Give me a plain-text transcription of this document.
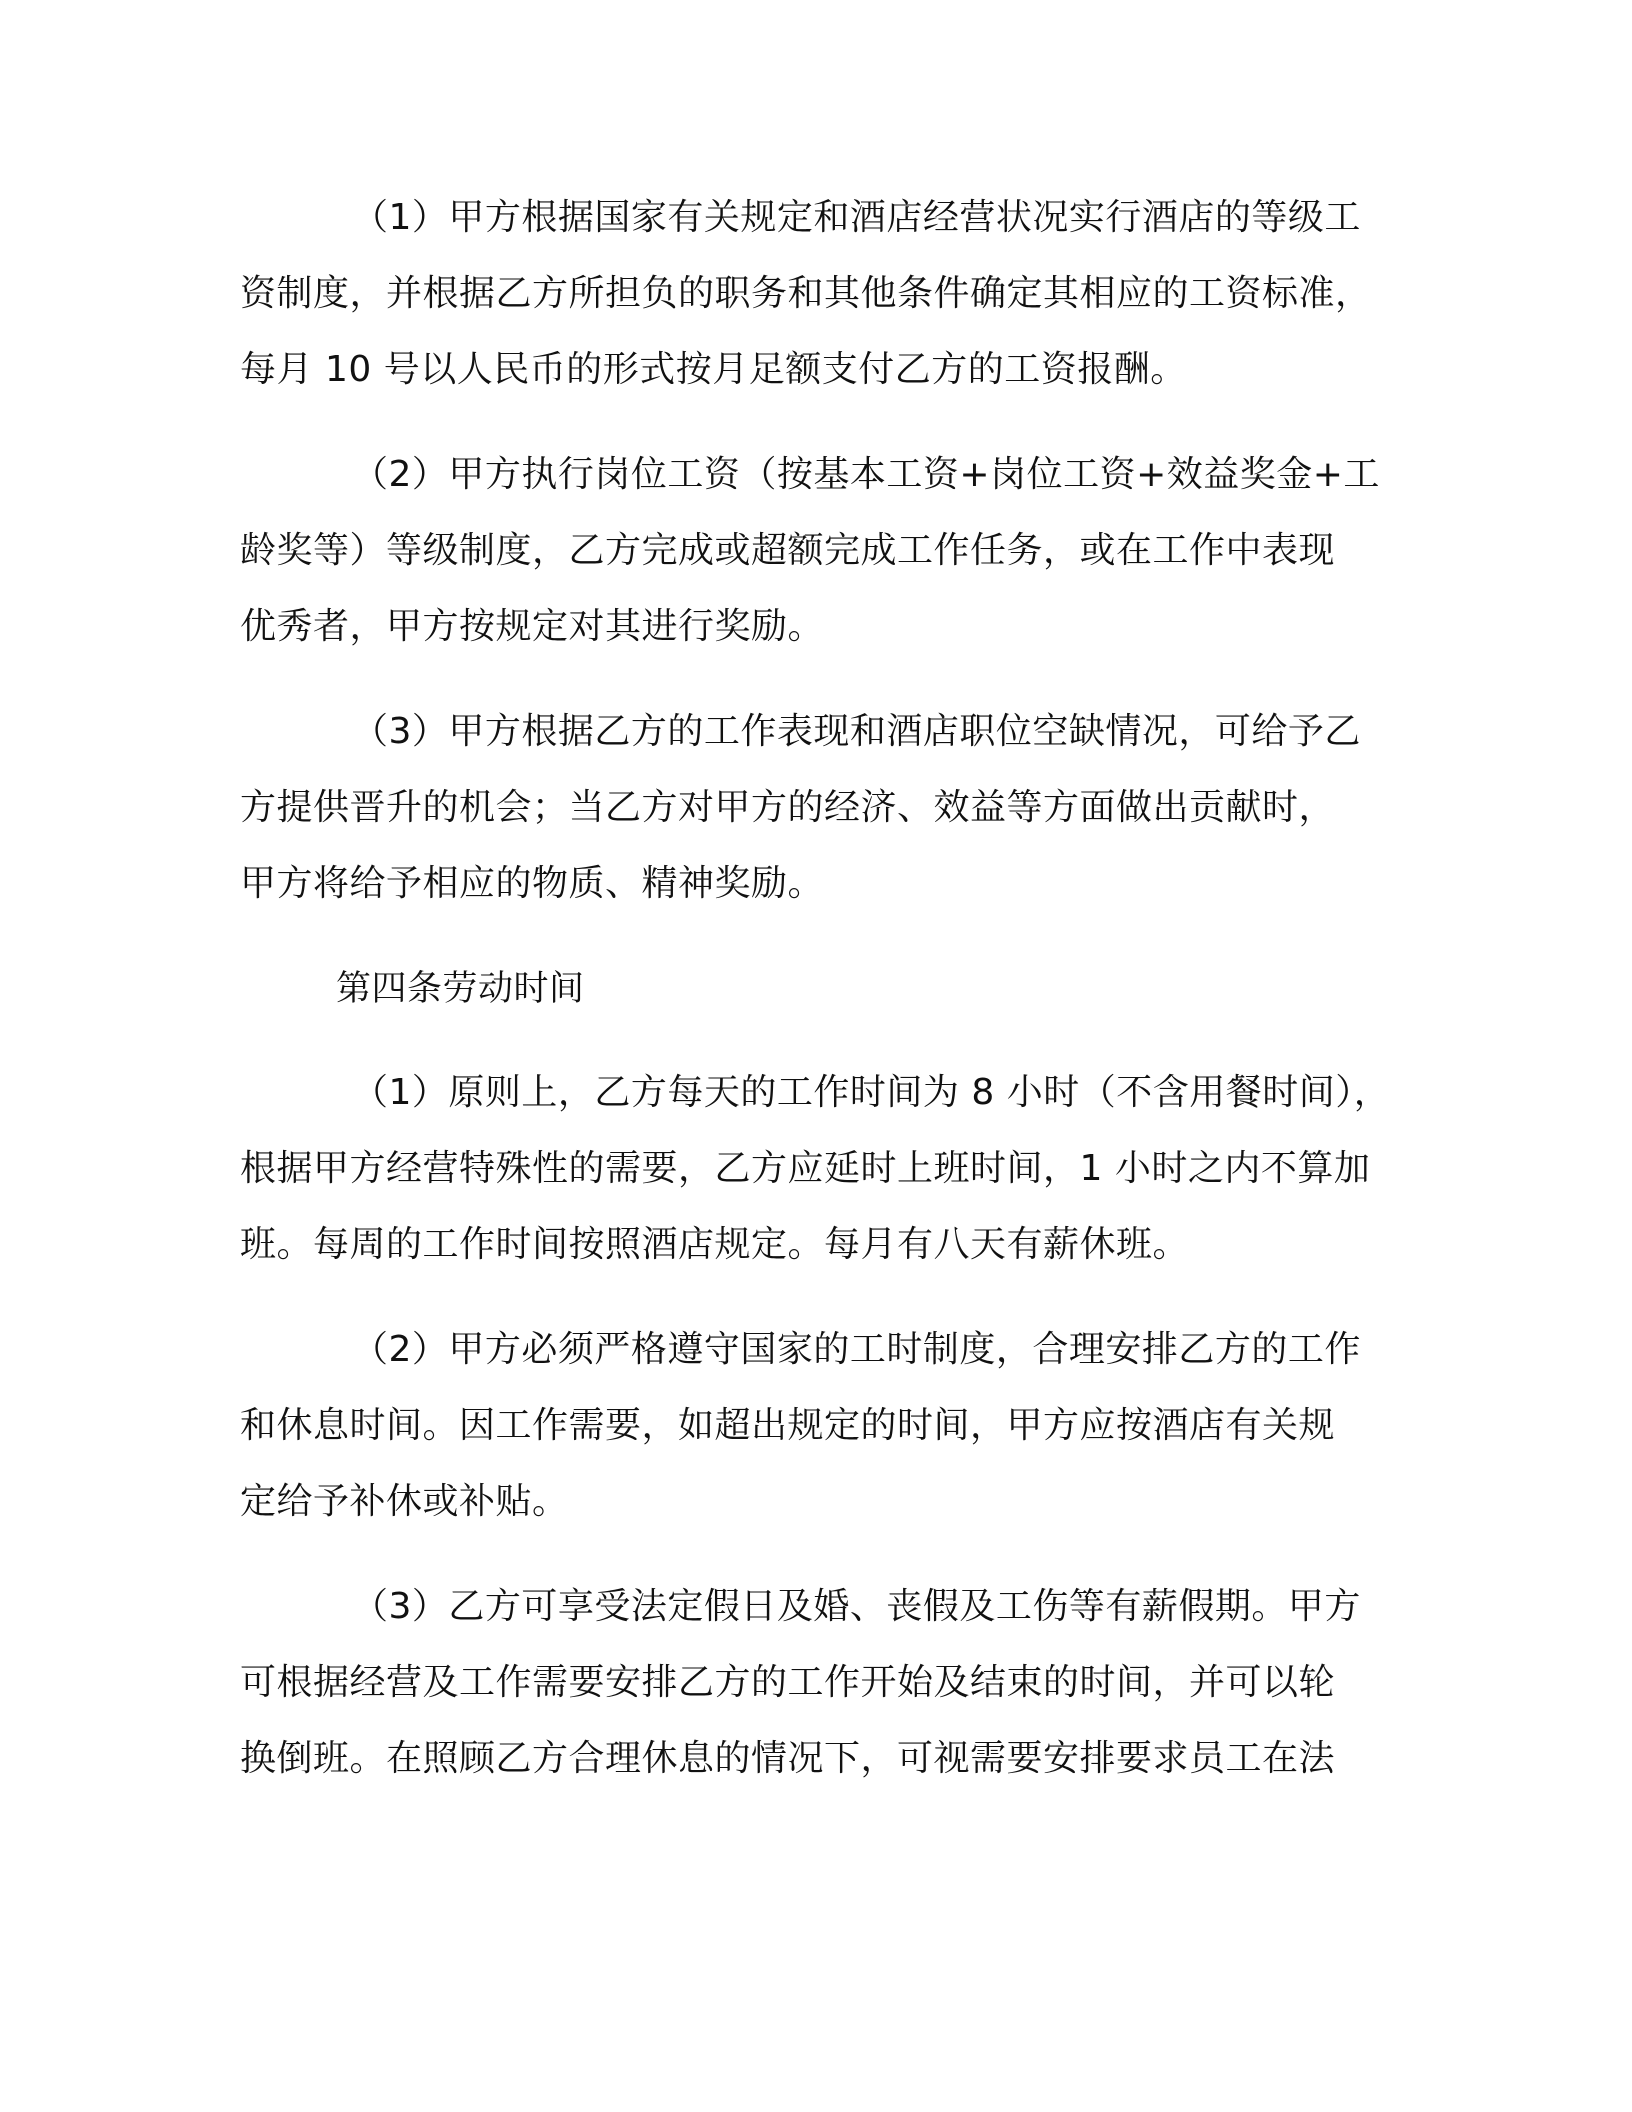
（1）甲方根据国家有关规定和酒店经营状况实行酒店的等级工

资制度，并根据乙方所担负的职务和其他条件确定其相应的工资标准，

每月 10 号以人民币的形式按月足额支付乙方的工资报酬。

（2）甲方执行岗位工资（按基本工资+岗位工资+效益奖金+工

龄奖等）等级制度，乙方完成或超额完成工作任务，或在工作中表现

优秀者，甲方按规定对其进行奖励。

（3）甲方根据乙方的工作表现和酒店职位空缺情况，可给予乙

方提供晋升的机会；当乙方对甲方的经济、效益等方面做出贡献时，

甲方将给予相应的物质、精神奖励。

第四条劳动时间

（1）原则上，乙方每天的工作时间为 8 小时（不含用餐时间），

根据甲方经营特殊性的需要，乙方应延时上班时间，1 小时之内不算加

班。每周的工作时间按照酒店规定。每月有八天有薪休班。

（2）甲方必须严格遵守国家的工时制度，合理安排乙方的工作

和休息时间。因工作需要，如超出规定的时间，甲方应按酒店有关规

定给予补休或补贴。

（3）乙方可享受法定假日及婚、丧假及工伤等有薪假期。甲方

可根据经营及工作需要安排乙方的工作开始及结束的时间，并可以轮

换倒班。在照顾乙方合理休息的情况下，可视需要安排要求员工在法
